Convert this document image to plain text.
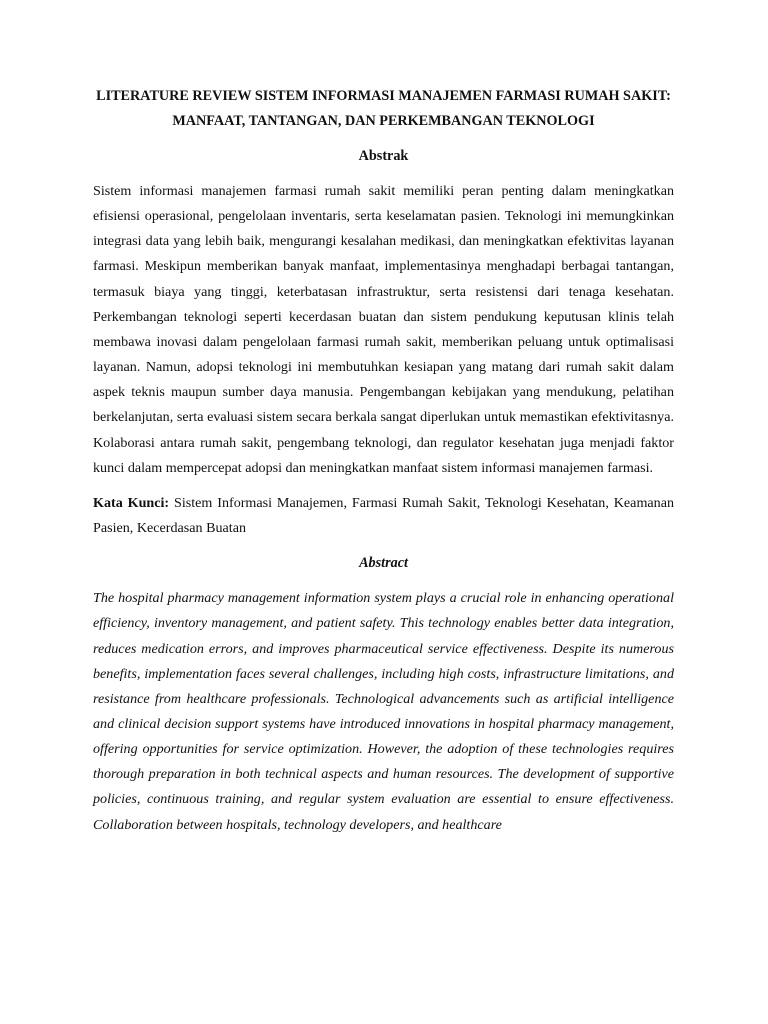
LITERATURE REVIEW SISTEM INFORMASI MANAJEMEN FARMASI RUMAH SAKIT: MANFAAT, TANTANGAN, DAN PERKEMBANGAN TEKNOLOGI
Abstrak

Sistem informasi manajemen farmasi rumah sakit memiliki peran penting dalam meningkatkan efisiensi operasional, pengelolaan inventaris, serta keselamatan pasien. Teknologi ini memungkinkan integrasi data yang lebih baik, mengurangi kesalahan medikasi, dan meningkatkan efektivitas layanan farmasi. Meskipun memberikan banyak manfaat, implementasinya menghadapi berbagai tantangan, termasuk biaya yang tinggi, keterbatasan infrastruktur, serta resistensi dari tenaga kesehatan. Perkembangan teknologi seperti kecerdasan buatan dan sistem pendukung keputusan klinis telah membawa inovasi dalam pengelolaan farmasi rumah sakit, memberikan peluang untuk optimalisasi layanan. Namun, adopsi teknologi ini membutuhkan kesiapan yang matang dari rumah sakit dalam aspek teknis maupun sumber daya manusia. Pengembangan kebijakan yang mendukung, pelatihan berkelanjutan, serta evaluasi sistem secara berkala sangat diperlukan untuk memastikan efektivitasnya. Kolaborasi antara rumah sakit, pengembang teknologi, dan regulator kesehatan juga menjadi faktor kunci dalam mempercepat adopsi dan meningkatkan manfaat sistem informasi manajemen farmasi.

Kata Kunci: Sistem Informasi Manajemen, Farmasi Rumah Sakit, Teknologi Kesehatan, Keamanan Pasien, Kecerdasan Buatan

Abstract

The hospital pharmacy management information system plays a crucial role in enhancing operational efficiency, inventory management, and patient safety. This technology enables better data integration, reduces medication errors, and improves pharmaceutical service effectiveness. Despite its numerous benefits, implementation faces several challenges, including high costs, infrastructure limitations, and resistance from healthcare professionals. Technological advancements such as artificial intelligence and clinical decision support systems have introduced innovations in hospital pharmacy management, offering opportunities for service optimization. However, the adoption of these technologies requires thorough preparation in both technical aspects and human resources. The development of supportive policies, continuous training, and regular system evaluation are essential to ensure effectiveness. Collaboration between hospitals, technology developers, and healthcare
